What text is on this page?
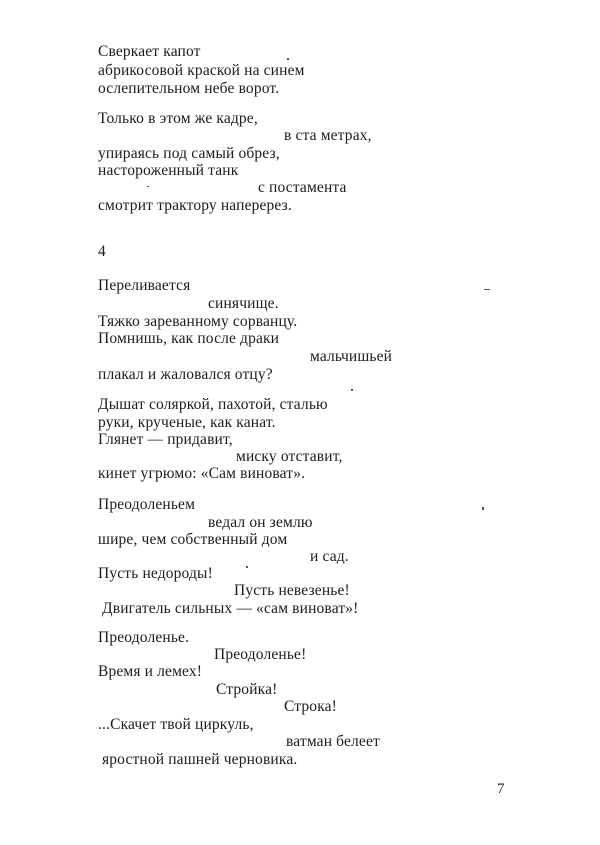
Сверкает капот
абрикосовой краской на синем
ослепительном небе ворот.
Только в этом же кадре,
в ста метрах,
упираясь под самый обрез,
настороженный танк
с постамента
смотрит трактору наперерез.
4
Переливается
синячище.
Тяжко зареванному сорванцу.
Помнишь, как после драки
мальчишьей
плакал и жаловался отцу?
Дышат соляркой, пахотой, сталью
руки, крученые, как канат.
Глянет — придавит,
миску отставит,
кинет угрюмо: «Сам виноват».
Преодоленьем
ведал он землю
шире, чем собственный дом
и сад.
Пусть недороды!
Пусть невезенье!
Двигатель сильных — «сам виноват»!
Преодоленье.
Преодоленье!
Время и лемех!
Стройка!
Строка!
...Скачет твой циркуль,
ватман белеет
яростной пашней черновика.
7
